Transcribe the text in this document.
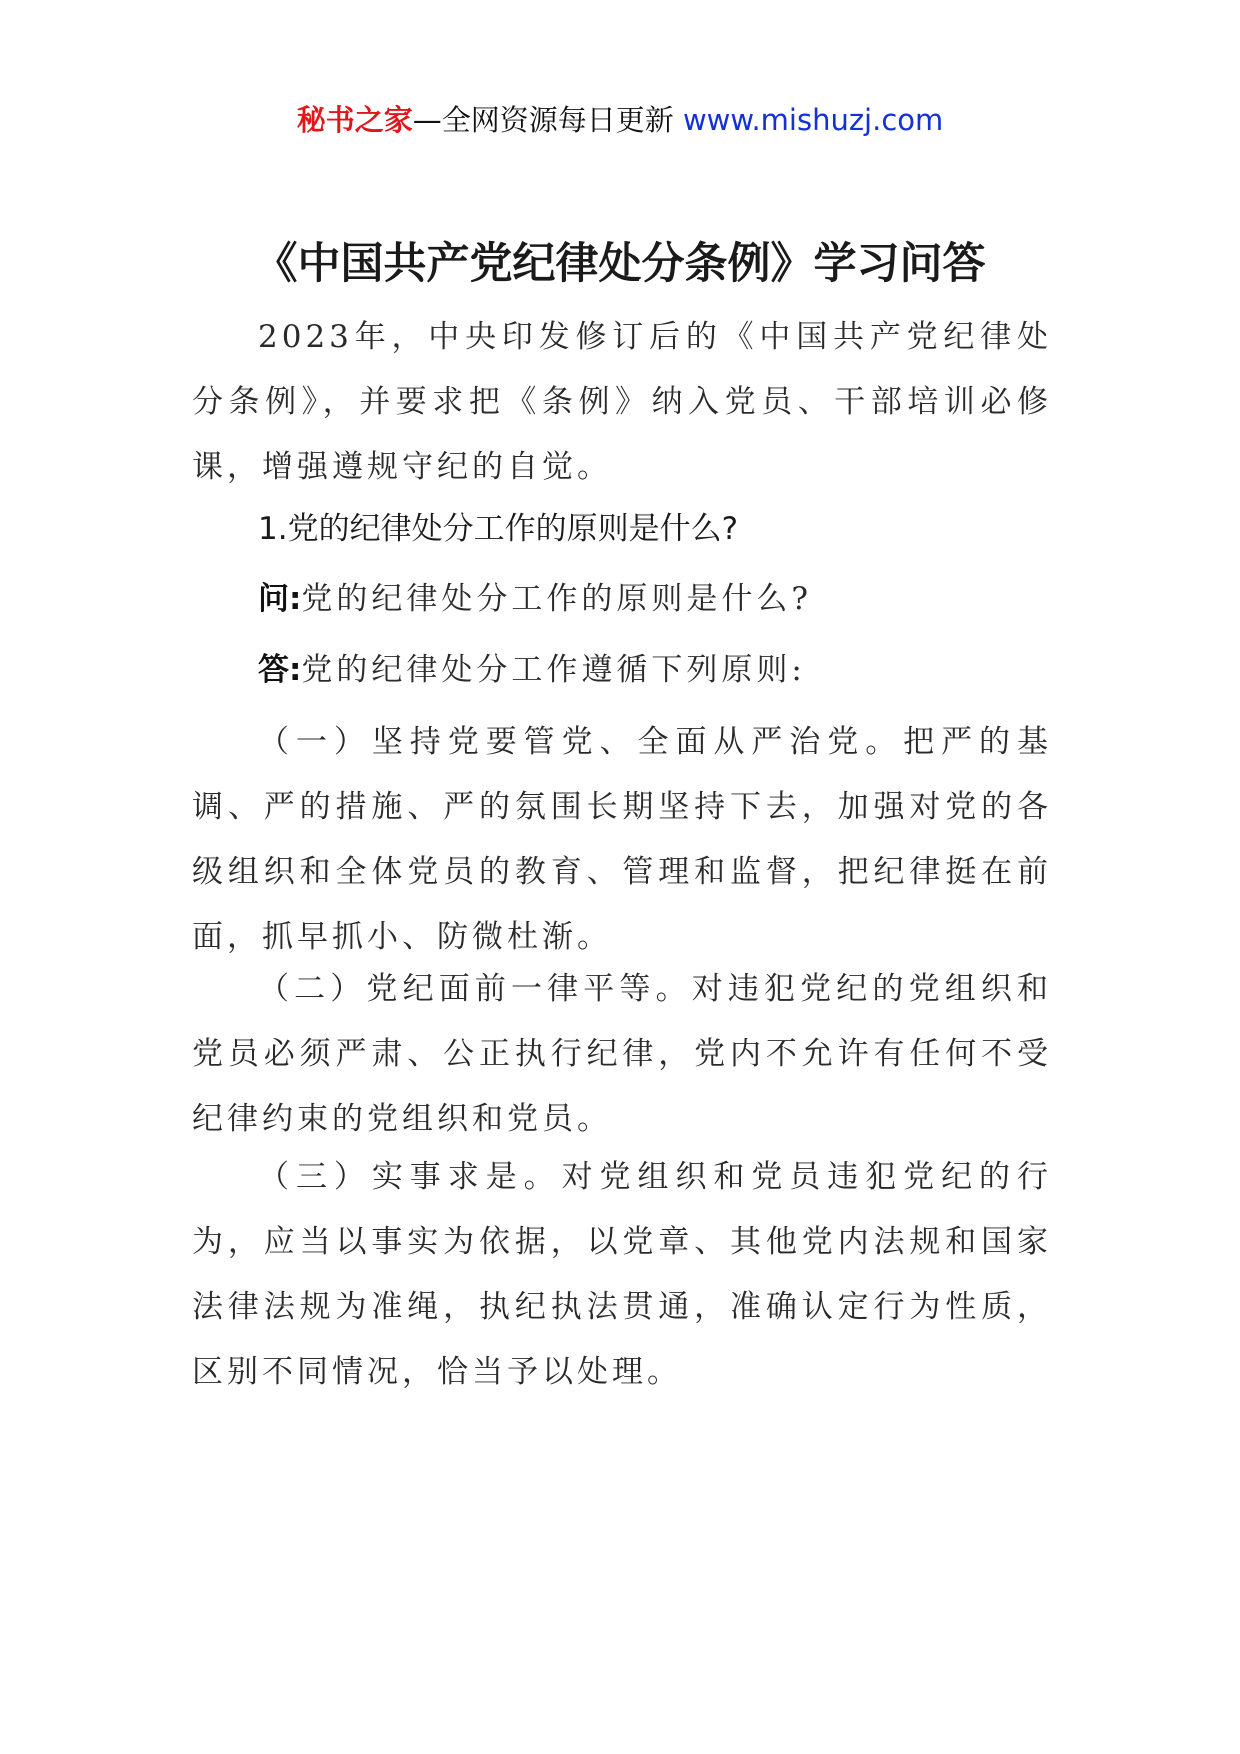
秘书之家—全网资源每日更新 www.mishuzj.com
《中国共产党纪律处分条例》学习问答

2023年，中央印发修订后的《中国共产党纪律处分条例》，并要求把《条例》纳入党员、干部培训必修课，增强遵规守纪的自觉。

1.党的纪律处分工作的原则是什么?
问:党的纪律处分工作的原则是什么?
答:党的纪律处分工作遵循下列原则:

（一）坚持党要管党、全面从严治党。把严的基调、严的措施、严的氛围长期坚持下去，加强对党的各级组织和全体党员的教育、管理和监督，把纪律挺在前面，抓早抓小、防微杜渐。

（二）党纪面前一律平等。对违犯党纪的党组织和党员必须严肃、公正执行纪律，党内不允许有任何不受纪律约束的党组织和党员。

（三）实事求是。对党组织和党员违犯党纪的行为，应当以事实为依据，以党章、其他党内法规和国家法律法规为准绳，执纪执法贯通，准确认定行为性质，区别不同情况，恰当予以处理。
